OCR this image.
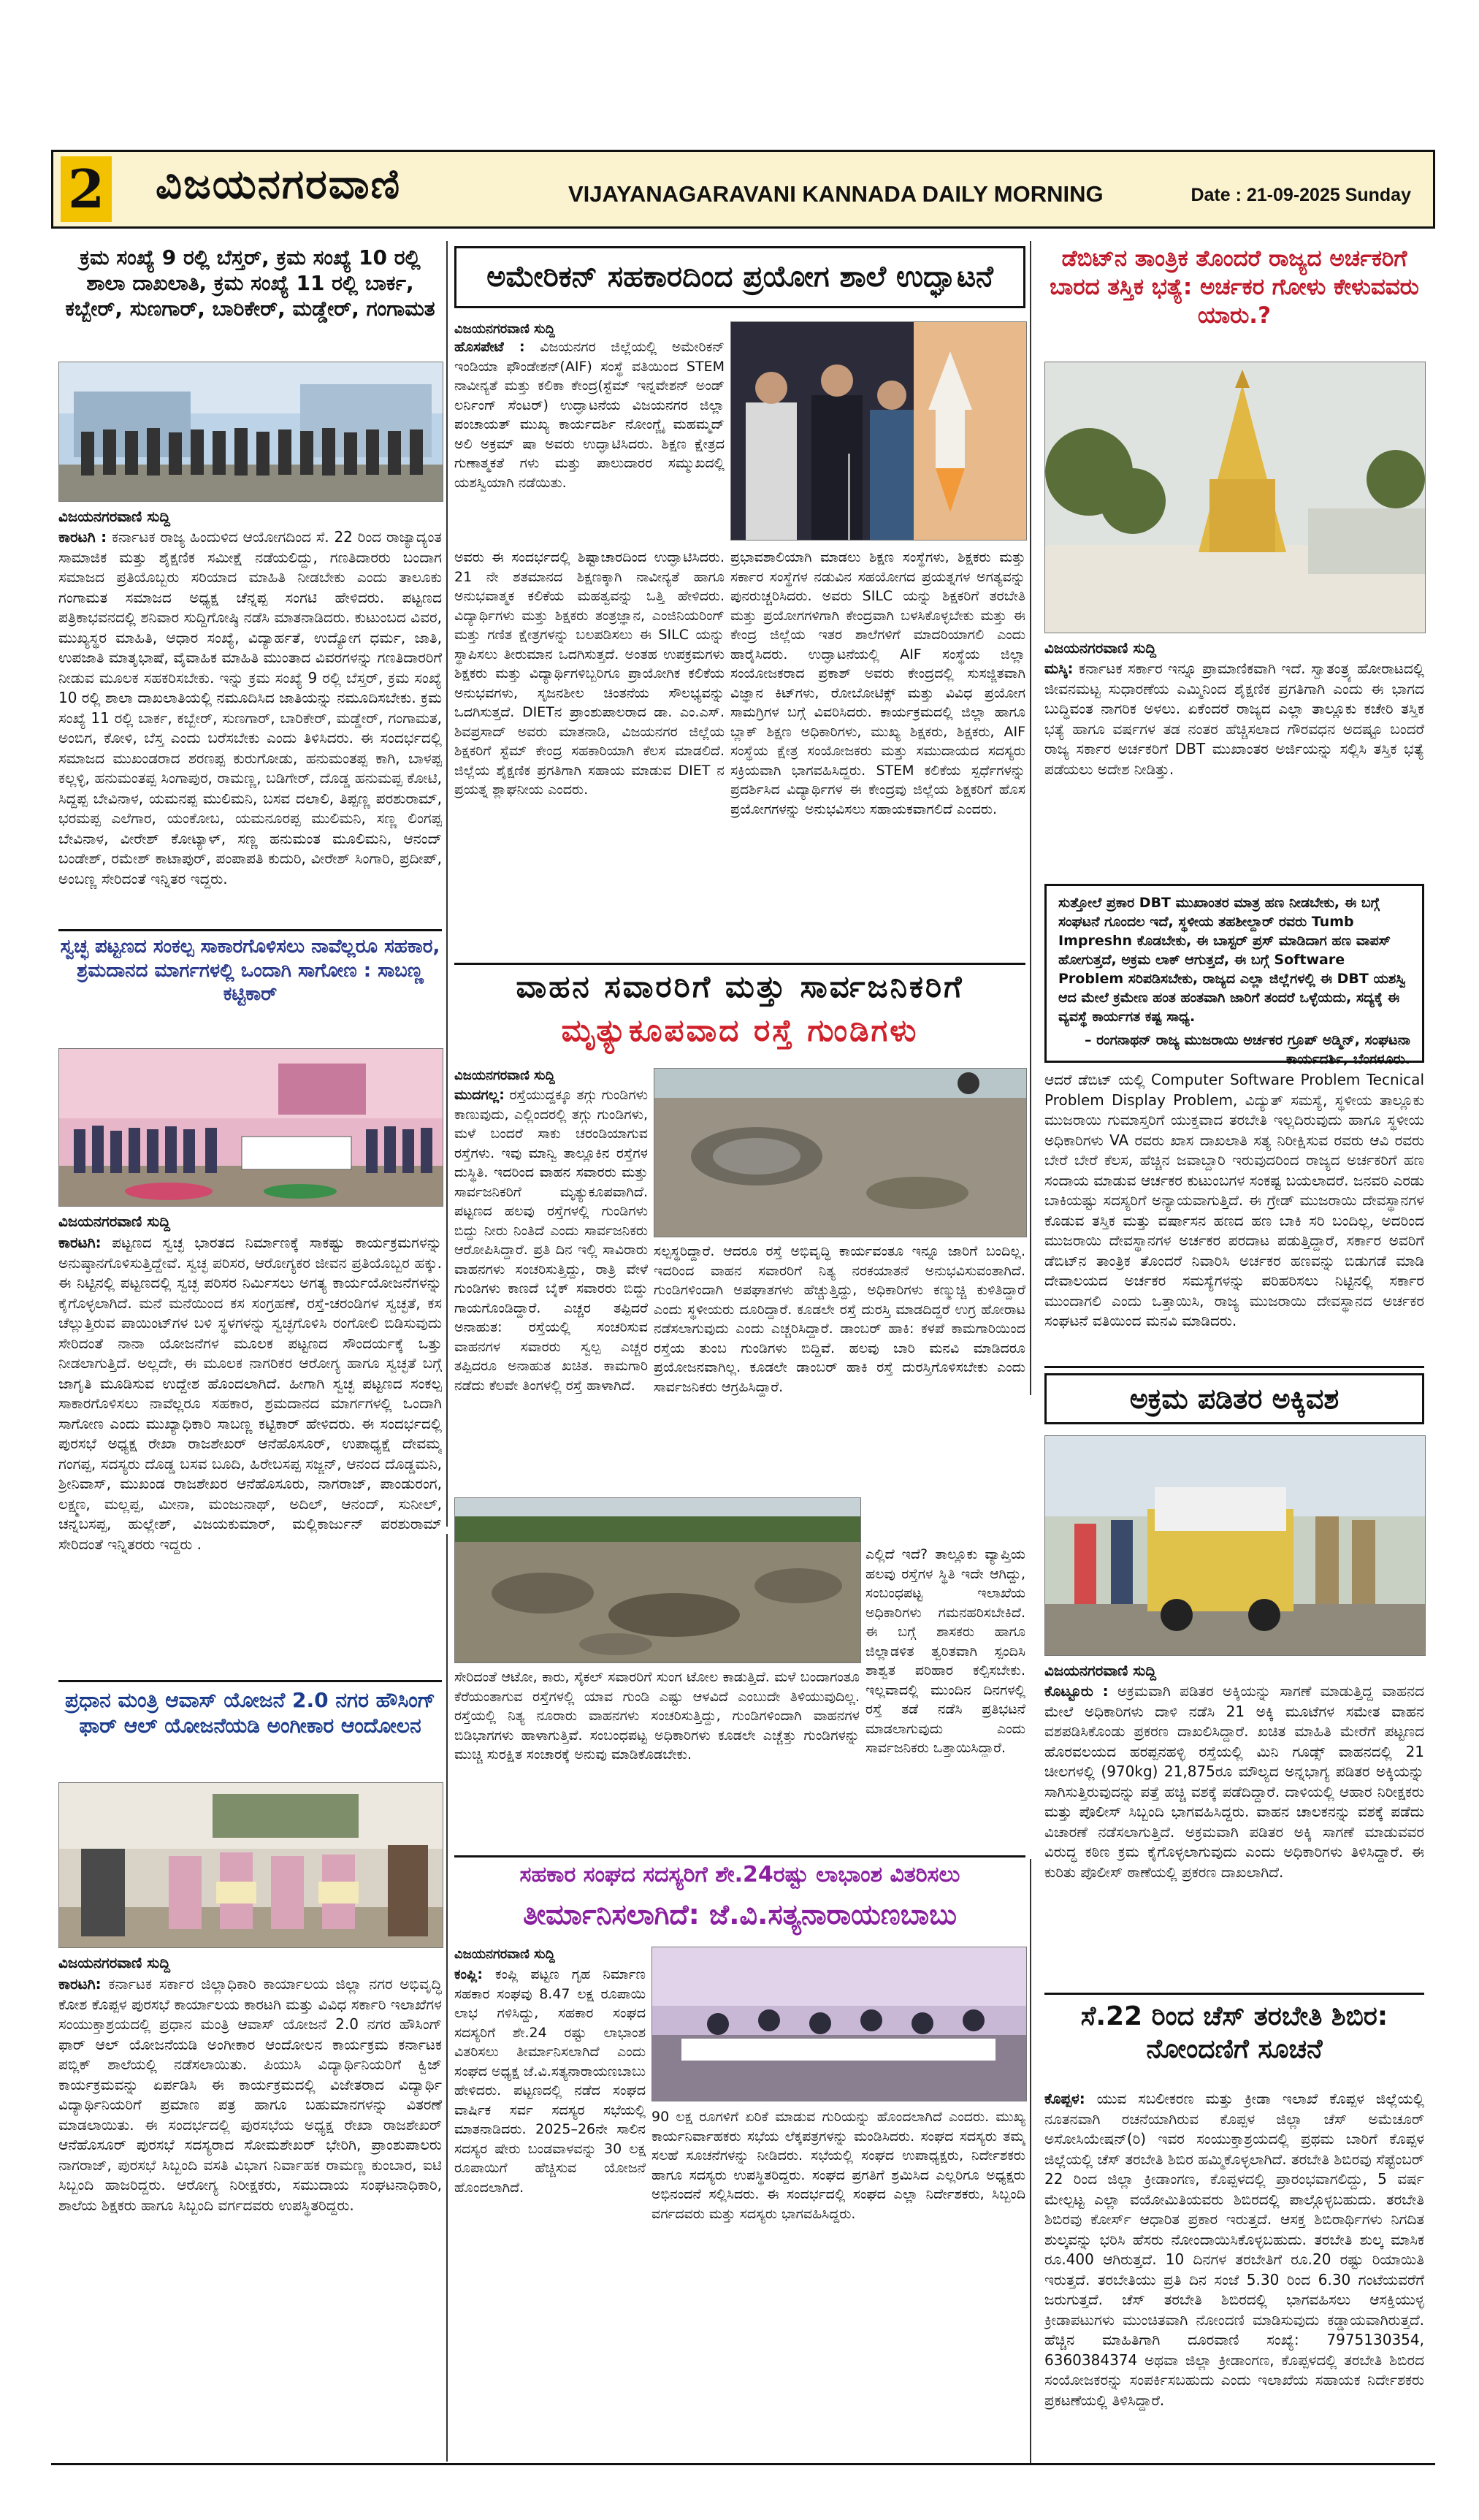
2 ವಿಜಯನಗರವಾಣಿ	VIJAYANAGARAVANI KANNADA DAILY MORNING	Date : 21-09-2025 Sunday
ಕ್ರಮ ಸಂಖ್ಯೆ 9 ರಲ್ಲಿ ಬೆಸ್ತರ್, ಕ್ರಮ ಸಂಖ್ಯೆ 10 ರಲ್ಲಿ ಶಾಲಾ ದಾಖಲಾತಿ, ಕ್ರಮ ಸಂಖ್ಯೆ 11 ರಲ್ಲಿ ಬಾರ್ಕ, ಕಬ್ಬೇರ್, ಸುಣಗಾರ್, ಬಾರಿಕೇರ್, ಮಡ್ಡೇರ್, ಗಂಗಾಮತ
ವಿಜಯನಗರವಾಣಿ ಸುದ್ದಿ
ಕಾರಟಗಿ : ಕರ್ನಾಟಕ ರಾಜ್ಯ ಹಿಂದುಳಿದ ಆಯೋಗದಿಂದ ಸೆ. 22 ರಿಂದ ರಾಜ್ಯಾದ್ಯಂತ ಸಾಮಾಜಿಕ ಮತ್ತು ಶೈಕ್ಷಣಿಕ ಸಮೀಕ್ಷೆ ನಡೆಯಲಿದ್ದು, ಗಣತಿದಾರರು ಬಂದಾಗ ಸಮಾಜದ ಪ್ರತಿಯೊಬ್ಬರು ಸರಿಯಾದ ಮಾಹಿತಿ ನೀಡಬೇಕು ಎಂದು ತಾಲೂಕು ಗಂಗಾಮತ ಸಮಾಜದ ಅಧ್ಯಕ್ಷ ಚೆನ್ನಪ್ಪ ಸಂಗಟಿ ಹೇಳಿದರು. ಪಟ್ಟಣದ ಪತ್ರಿಕಾಭವನದಲ್ಲಿ ಶನಿವಾರ ಸುದ್ದಿಗೋಷ್ಠಿ ನಡೆಸಿ ಮಾತನಾಡಿದರು. ಕುಟುಂಬದ ವಿವರ, ಮುಖ್ಯಸ್ಥರ ಮಾಹಿತಿ, ಆಧಾರ ಸಂಖ್ಯೆ, ವಿದ್ಯಾರ್ಹತೆ, ಉದ್ಯೋಗ ಧರ್ಮ, ಜಾತಿ, ಉಪಜಾತಿ ಮಾತೃಭಾಷೆ, ವೈವಾಹಿಕ ಮಾಹಿತಿ ಮುಂತಾದ ವಿವರಗಳನ್ನು ಗಣತಿದಾರರಿಗೆ ನೀಡುವ ಮೂಲಕ ಸಹಕರಿಸಬೇಕು. ಇನ್ನು ಕ್ರಮ ಸಂಖ್ಯೆ 9 ರಲ್ಲಿ ಬೆಸ್ತರ್, ಕ್ರಮ ಸಂಖ್ಯೆ 10 ರಲ್ಲಿ ಶಾಲಾ ದಾಖಲಾತಿಯಲ್ಲಿ ನಮೂದಿಸಿದ ಜಾತಿಯನ್ನು ನಮೂದಿಸಬೇಕು. ಕ್ರಮ ಸಂಖ್ಯೆ 11 ರಲ್ಲಿ ಬಾರ್ಕ, ಕಬ್ಬೇರ್, ಸುಣಗಾರ್, ಬಾರಿಕೇರ್, ಮಡ್ಡೇರ್, ಗಂಗಾಮತ, ಅಂಬಿಗ, ಕೋಳಿ, ಬೆಸ್ತ ಎಂದು ಬರೆಸಬೇಕು ಎಂದು ತಿಳಿಸಿದರು. ಈ ಸಂದರ್ಭದಲ್ಲಿ ಸಮಾಜದ ಮುಖಂಡರಾದ ಶರಣಪ್ಪ ಕುರುಗೋಡು, ಹನುಮಂತಪ್ಪ ಕಾಗಿ, ಬಾಳಪ್ಪ ಕಲ್ಲಳ್ಳಿ, ಹನುಮಂತಪ್ಪ ಸಿಂಗಾಪುರ, ರಾಮಣ್ಣ, ಬಡಿಗೇರ್, ದೊಡ್ಡ ಹನುಮಪ್ಪ ಕೋಟಿ, ಸಿದ್ದಪ್ಪ ಬೇವಿನಾಳ, ಯಮನಪ್ಪ ಮುಲಿಮನಿ, ಬಸವ ದಲಾಲಿ, ತಿಪ್ಪಣ್ಣ ಪರಶುರಾಮ್, ಭರಮಪ್ಪ ಎಲೆಗಾರ, ಯಂಕೋಬ, ಯಮನೂರಪ್ಪ ಮುಲಿಮನಿ, ಸಣ್ಣ ಲಿಂಗಪ್ಪ ಬೇವಿನಾಳ, ವೀರೇಶ್ ಕೋಟ್ಯಾಳ್, ಸಣ್ಣ ಹನುಮಂತ ಮೂಲಿಮನಿ, ಆನಂದ್ ಬಂಡೇಶ್, ರಮೇಶ್ ಕಾಟಾಪುರ್, ಪಂಪಾಪತಿ ಕುದುರಿ, ವೀರೇಶ್ ಸಿಂಗಾರಿ, ಪ್ರದೀಪ್, ಅಂಬಣ್ಣ ಸೇರಿದಂತೆ ಇನ್ನಿತರ ಇದ್ದರು.
ಸ್ವಚ್ಛ ಪಟ್ಟಣದ ಸಂಕಲ್ಪ ಸಾಕಾರಗೊಳಿಸಲು ನಾವೆಲ್ಲರೂ ಸಹಕಾರ, ಶ್ರಮದಾನದ ಮಾರ್ಗಗಳಲ್ಲಿ ಒಂದಾಗಿ ಸಾಗೋಣ : ಸಾಬಣ್ಣ ಕಟ್ಟಿಕಾರ್
ವಿಜಯನಗರವಾಣಿ ಸುದ್ದಿ
ಕಾರಟಗಿ: ಪಟ್ಟಣದ ಸ್ವಚ್ಛ ಭಾರತದ ನಿರ್ಮಾಣಕ್ಕೆ ಸಾಕಷ್ಟು ಕಾರ್ಯಕ್ರಮಗಳನ್ನು ಅನುಷ್ಠಾನಗೊಳಿಸುತ್ತಿದ್ದೇವೆ. ಸ್ವಚ್ಛ ಪರಿಸರ, ಆರೋಗ್ಯಕರ ಜೀವನ ಪ್ರತಿಯೊಬ್ಬರ ಹಕ್ಕು. ಈ ನಿಟ್ಟಿನಲ್ಲಿ ಪಟ್ಟಣದಲ್ಲಿ ಸ್ವಚ್ಛ ಪರಿಸರ ನಿರ್ಮಿಸಲು ಅಗತ್ಯ ಕಾರ್ಯಯೋಜನೆಗಳನ್ನು ಕೈಗೊಳ್ಳಲಾಗಿದೆ. ಮನೆ ಮನೆಯಿಂದ ಕಸ ಸಂಗ್ರಹಣೆ, ರಸ್ತೆ-ಚರಂಡಿಗಳ ಸ್ವಚ್ಛತೆ, ಕಸ ಚೆಲ್ಲುತ್ತಿರುವ ಪಾಯಿಂಟ್‌ಗಳ ಬಳಿ ಸ್ಥಳಗಳನ್ನು ಸ್ವಚ್ಛಗೊಳಿಸಿ ರಂಗೋಲಿ ಬಿಡಿಸುವುದು ಸೇರಿದಂತೆ ನಾನಾ ಯೋಜನೆಗಳ ಮೂಲಕ ಪಟ್ಟಣದ ಸೌಂದರ್ಯಕ್ಕೆ ಒತ್ತು ನೀಡಲಾಗುತ್ತಿದೆ. ಅಲ್ಲದೇ, ಈ ಮೂಲಕ ನಾಗರಿಕರ ಆರೋಗ್ಯ ಹಾಗೂ ಸ್ವಚ್ಛತೆ ಬಗ್ಗೆ ಜಾಗೃತಿ ಮೂಡಿಸುವ ಉದ್ದೇಶ ಹೊಂದಲಾಗಿದೆ. ಹೀಗಾಗಿ ಸ್ವಚ್ಛ ಪಟ್ಟಣದ ಸಂಕಲ್ಪ ಸಾಕಾರಗೊಳಿಸಲು ನಾವೆಲ್ಲರೂ ಸಹಕಾರ, ಶ್ರಮದಾನದ ಮಾರ್ಗಗಳಲ್ಲಿ ಒಂದಾಗಿ ಸಾಗೋಣ ಎಂದು ಮುಖ್ಯಾಧಿಕಾರಿ ಸಾಬಣ್ಣ ಕಟ್ಟಿಕಾರ್ ಹೇಳಿದರು. ಈ ಸಂದರ್ಭದಲ್ಲಿ ಪುರಸಭೆ ಅಧ್ಯಕ್ಷ ರೇಖಾ ರಾಜಶೇಖರ್ ಆನೆಹೊಸೂರ್, ಉಪಾಧ್ಯಕ್ಷೆ ದೇವಮ್ಮ ಗಂಗಪ್ಪ, ಸದಸ್ಯರು ದೊಡ್ಡ ಬಸವ ಬೂದಿ, ಹಿರೇಬಸಪ್ಪ ಸಜ್ಜನ್, ಆನಂದ ದೊಡ್ಡಮನಿ, ಶ್ರೀನಿವಾಸ್, ಮುಖಂಡ ರಾಜಶೇಖರ ಆನೆಹೊಸೂರು, ನಾಗರಾಜ್, ಪಾಂಡುರಂಗ, ಲಕ್ಷ್ಮಣ, ಮಲ್ಲಪ್ಪ, ಮೀನಾ, ಮಂಜುನಾಥ್, ಅದಿಲ್, ಆನಂದ್, ಸುನೀಲ್, ಚನ್ನಬಸಪ್ಪ, ಹುಲ್ಲೇಶ್, ವಿಜಯಕುಮಾರ್, ಮಲ್ಲಿಕಾರ್ಜುನ್ ಪರಶುರಾಮ್ ಸೇರಿದಂತೆ ಇನ್ನಿತರರು ಇದ್ದರು .
ಪ್ರಧಾನ ಮಂತ್ರಿ ಆವಾಸ್ ಯೋಜನೆ 2.0 ನಗರ ಹೌಸಿಂಗ್ ಫಾರ್ ಆಲ್ ಯೋಜನೆಯಡಿ ಅಂಗೀಕಾರ ಆಂದೋಲನ
ವಿಜಯನಗರವಾಣಿ ಸುದ್ದಿ
ಕಾರಟಗಿ: ಕರ್ನಾಟಕ ಸರ್ಕಾರ ಜಿಲ್ಲಾಧಿಕಾರಿ ಕಾರ್ಯಾಲಯ ಜಿಲ್ಲಾ ನಗರ ಅಭಿವೃದ್ಧಿ ಕೋಶ ಕೊಪ್ಪಳ ಪುರಸಭೆ ಕಾರ್ಯಾಲಯ ಕಾರಟಗಿ ಮತ್ತು ವಿವಿಧ ಸರ್ಕಾರಿ ಇಲಾಖೆಗಳ ಸಂಯುಕ್ತಾಶ್ರಯದಲ್ಲಿ ಪ್ರಧಾನ ಮಂತ್ರಿ ಆವಾಸ್ ಯೋಜನೆ 2.0 ನಗರ ಹೌಸಿಂಗ್ ಫಾರ್ ಆಲ್ ಯೋಜನೆಯಡಿ ಅಂಗೀಕಾರ ಆಂದೋಲನ ಕಾರ್ಯಕ್ರಮ ಕರ್ನಾಟಕ ಪಬ್ಲಿಕ್ ಶಾಲೆಯಲ್ಲಿ ನಡೆಸಲಾಯಿತು. ಪಿಯುಸಿ ವಿದ್ಯಾರ್ಥಿನಿಯರಿಗೆ ಕ್ವಿಜ್ ಕಾರ್ಯಕ್ರಮವನ್ನು ಏರ್ಪಡಿಸಿ ಈ ಕಾರ್ಯಕ್ರಮದಲ್ಲಿ ವಿಜೇತರಾದ ವಿದ್ಯಾರ್ಥಿ ವಿದ್ಯಾರ್ಥಿನಿಯರಿಗೆ ಪ್ರಮಾಣ ಪತ್ರ ಹಾಗೂ ಬಹುಮಾನಗಳನ್ನು ವಿತರಣೆ ಮಾಡಲಾಯಿತು. ಈ ಸಂದರ್ಭದಲ್ಲಿ ಪುರಸಭೆಯ ಅಧ್ಯಕ್ಷ ರೇಖಾ ರಾಜಶೇಖರ್ ಆನೆಹೊಸೂರ್ ಪುರಸಭೆ ಸದಸ್ಯರಾದ ಸೋಮಶೇಖರ್ ಭೇರಿಗಿ, ಪ್ರಾಂಶುಪಾಲರು ನಾಗರಾಜ್, ಪುರಸಭೆ ಸಿಬ್ಬಂದಿ ವಸತಿ ವಿಭಾಗ ನಿರ್ವಾಹಕ ರಾಮಣ್ಣ ಕುಂಬಾರ, ಐಟಿ ಸಿಬ್ಬಂದಿ ಹಾಜರಿದ್ದರು. ಆರೋಗ್ಯ ನಿರೀಕ್ಷಕರು, ಸಮುದಾಯ ಸಂಘಟನಾಧಿಕಾರಿ, ಶಾಲೆಯ ಶಿಕ್ಷಕರು ಹಾಗೂ ಸಿಬ್ಬಂದಿ ವರ್ಗದವರು ಉಪಸ್ಥಿತರಿದ್ದರು.
ಅಮೇರಿಕನ್ ಸಹಕಾರದಿಂದ ಪ್ರಯೋಗ ಶಾಲೆ ಉದ್ಘಾಟನೆ
ವಿಜಯನಗರವಾಣಿ ಸುದ್ದಿ
ಹೊಸಪೇಟೆ : ವಿಜಯನಗರ ಜಿಲ್ಲೆಯಲ್ಲಿ ಅಮೇರಿಕನ್ ಇಂಡಿಯಾ ಫೌಂಡೇಶನ್(AIF) ಸಂಸ್ಥೆ ವತಿಯಿಂದ STEM ನಾವೀನ್ಯತೆ ಮತ್ತು ಕಲಿಕಾ ಕೇಂದ್ರ(ಸ್ಟೆಮ್ ಇನ್ನವೇಶನ್ ಅಂಡ್ ಲರ್ನಿಂಗ್ ಸೆಂಟರ್) ಉದ್ಘಾಟನೆಯ ವಿಜಯನಗರ ಜಿಲ್ಲಾ ಪಂಚಾಯತ್ ಮುಖ್ಯ ಕಾರ್ಯದರ್ಶಿ ನೋಂಗ್ಜೈ ಮಹಮ್ಮದ್ ಅಲಿ ಅಕ್ರಮ್ ಷಾ ಅವರು ಉದ್ಘಾಟಿಸಿದರು. ಶಿಕ್ಷಣ ಕ್ಷೇತ್ರದ ಗುಣಾತ್ಮಕತೆ ಗಳು ಮತ್ತು ಪಾಲುದಾರರ ಸಮ್ಮುಖದಲ್ಲಿ ಯಶಸ್ವಿಯಾಗಿ ನಡೆಯಿತು.
ಅವರು ಈ ಸಂದರ್ಭದಲ್ಲಿ ಶಿಷ್ಟಾಚಾರದಿಂದ ಉದ್ಘಾಟಿಸಿದರು. 21 ನೇ ಶತಮಾನದ ಶಿಕ್ಷಣಕ್ಕಾಗಿ ನಾವೀನ್ಯತೆ ಹಾಗೂ ಅನುಭವಾತ್ಮಕ ಕಲಿಕೆಯ ಮಹತ್ವವನ್ನು ಒತ್ತಿ ಹೇಳಿದರು. ವಿದ್ಯಾರ್ಥಿಗಳು ಮತ್ತು ಶಿಕ್ಷಕರು ತಂತ್ರಜ್ಞಾನ, ಎಂಜಿನಿಯರಿಂಗ್ ಮತ್ತು ಗಣಿತ ಕ್ಷೇತ್ರಗಳನ್ನು ಬಲಪಡಿಸಲು ಈ SILC ಯನ್ನು ಸ್ಥಾಪಿಸಲು ತೀರುಮಾನ ಒದಗಿಸುತ್ತದೆ. ಅಂತಹ ಉಪಕ್ರಮಗಳು ಶಿಕ್ಷಕರು ಮತ್ತು ವಿದ್ಯಾರ್ಥಿಗಳಿಬ್ಬರಿಗೂ ಪ್ರಾಯೋಗಿಕ ಕಲಿಕೆಯ ಅನುಭವಗಳು, ಸೃಜನಶೀಲ ಚಿಂತನೆಯ ಸೌಲಭ್ಯವನ್ನು ಒದಗಿಸುತ್ತದೆ. DIETನ ಪ್ರಾಂಶುಪಾಲರಾದ ಡಾ. ಎಂ.ಎಸ್. ಶಿವಪ್ರಸಾದ್ ಅವರು ಮಾತನಾಡಿ, ವಿಜಯನಗರ ಜಿಲ್ಲೆಯ ಶಿಕ್ಷಕರಿಗೆ ಸ್ಟೆಮ್ ಕೇಂದ್ರ ಸಹಕಾರಿಯಾಗಿ ಕೆಲಸ ಮಾಡಲಿದೆ. ಜಿಲ್ಲೆಯ ಶೈಕ್ಷಣಿಕ ಪ್ರಗತಿಗಾಗಿ ಸಹಾಯ ಮಾಡುವ DIET ನ ಪ್ರಯತ್ನ ಶ್ಲಾಘನೀಯ ಎಂದರು.
ಪ್ರಭಾವಶಾಲಿಯಾಗಿ ಮಾಡಲು ಶಿಕ್ಷಣ ಸಂಸ್ಥೆಗಳು, ಶಿಕ್ಷಕರು ಮತ್ತು ಸರ್ಕಾರ ಸಂಸ್ಥೆಗಳ ನಡುವಿನ ಸಹಯೋಗದ ಪ್ರಯತ್ನಗಳ ಅಗತ್ಯವನ್ನು ಪುನರುಚ್ಚರಿಸಿದರು. ಅವರು SILC ಯನ್ನು ಶಿಕ್ಷಕರಿಗೆ ತರಬೇತಿ ಮತ್ತು ಪ್ರಯೋಗಗಳಿಗಾಗಿ ಕೇಂದ್ರವಾಗಿ ಬಳಸಿಕೊಳ್ಳಬೇಕು ಮತ್ತು ಈ ಕೇಂದ್ರ ಜಿಲ್ಲೆಯ ಇತರ ಶಾಲೆಗಳಿಗೆ ಮಾದರಿಯಾಗಲಿ ಎಂದು ಹಾರೈಸಿದರು. ಉದ್ಘಾಟನೆಯಲ್ಲಿ AIF ಸಂಸ್ಥೆಯ ಜಿಲ್ಲಾ ಸಂಯೋಜಕರಾದ ಪ್ರಕಾಶ್ ಅವರು ಕೇಂದ್ರದಲ್ಲಿ ಸುಸಜ್ಜಿತವಾಗಿ ವಿಜ್ಞಾನ ಕಿಟ್‌ಗಳು, ರೋಬೋಟಿಕ್ಸ್ ಮತ್ತು ವಿವಿಧ ಪ್ರಯೋಗ ಸಾಮಗ್ರಿಗಳ ಬಗ್ಗೆ ವಿವರಿಸಿದರು. ಕಾರ್ಯಕ್ರಮದಲ್ಲಿ ಜಿಲ್ಲಾ ಹಾಗೂ ಬ್ಲಾಕ್ ಶಿಕ್ಷಣ ಅಧಿಕಾರಿಗಳು, ಮುಖ್ಯ ಶಿಕ್ಷಕರು, ಶಿಕ್ಷಕರು, AIF ಸಂಸ್ಥೆಯ ಕ್ಷೇತ್ರ ಸಂಯೋಜಕರು ಮತ್ತು ಸಮುದಾಯದ ಸದಸ್ಯರು ಸಕ್ರಿಯವಾಗಿ ಭಾಗವಹಿಸಿದ್ದರು. STEM ಕಲಿಕೆಯ ಸ್ಪರ್ಧೆಗಳನ್ನು ಪ್ರದರ್ಶಿಸಿದ ವಿದ್ಯಾರ್ಥಿಗಳ ಈ ಕೇಂದ್ರವು ಜಿಲ್ಲೆಯ ಶಿಕ್ಷಕರಿಗೆ ಹೊಸ ಪ್ರಯೋಗಗಳನ್ನು ಅನುಭವಿಸಲು ಸಹಾಯಕವಾಗಲಿದೆ ಎಂದರು.
ವಾಹನ ಸವಾರರಿಗೆ ಮತ್ತು ಸಾರ್ವಜನಿಕರಿಗೆ
ಮೃತ್ಯುಕೂಪವಾದ ರಸ್ತೆ ಗುಂಡಿಗಳು
ವಿಜಯನಗರವಾಣಿ ಸುದ್ದಿ
ಮುದಗಲ್ಲ: ರಸ್ತೆಯುದ್ದಕ್ಕೂ ತಗ್ಗು ಗುಂಡಿಗಳು ಕಾಣುವುದು, ಎಲ್ಲಿಂದರಲ್ಲಿ ತಗ್ಗು ಗುಂಡಿಗಳು, ಮಳೆ ಬಂದರೆ ಸಾಕು ಚರಂಡಿಯಾಗುವ ರಸ್ತೆಗಳು. ಇವು ಮಾನ್ವಿ ತಾಲ್ಲೂಕಿನ ರಸ್ತೆಗಳ ದುಸ್ಥಿತಿ. ಇದರಿಂದ ವಾಹನ ಸವಾರರು ಮತ್ತು ಸಾರ್ವಜನಿಕರಿಗೆ ಮೃತ್ಯುಕೂಪವಾಗಿದೆ. ಪಟ್ಟಣದ ಹಲವು ರಸ್ತೆಗಳಲ್ಲಿ ಗುಂಡಿಗಳು ಬಿದ್ದು ನೀರು ನಿಂತಿದೆ ಎಂದು ಸಾರ್ವಜನಿಕರು ಆರೋಪಿಸಿದ್ದಾರೆ. ಪ್ರತಿ ದಿನ ಇಲ್ಲಿ ಸಾವಿರಾರು ವಾಹನಗಳು ಸಂಚರಿಸುತ್ತಿದ್ದು, ರಾತ್ರಿ ವೇಳೆ ಗುಂಡಿಗಳು ಕಾಣದೆ ಬೈಕ್ ಸವಾರರು ಬಿದ್ದು ಗಾಯಗೊಂಡಿದ್ದಾರೆ. ಎಚ್ಚರ ತಪ್ಪಿದರೆ ಅನಾಹುತ: ರಸ್ತೆಯಲ್ಲಿ ಸಂಚರಿಸುವ ವಾಹನಗಳ ಸವಾರರು ಸ್ವಲ್ಪ ಎಚ್ಚರ ತಪ್ಪಿದರೂ ಅನಾಹುತ ಖಚಿತ. ಕಾಮಗಾರಿ ನಡೆದು ಕೆಲವೇ ತಿಂಗಳಲ್ಲಿ ರಸ್ತೆ ಹಾಳಾಗಿದೆ.
ಸಲ್ಪಸ್ಥರಿದ್ದಾರೆ. ಆದರೂ ರಸ್ತೆ ಅಭಿವೃದ್ಧಿ ಕಾರ್ಯವಂತೂ ಇನ್ನೂ ಜಾರಿಗೆ ಬಂದಿಲ್ಲ. ಇದರಿಂದ ವಾಹನ ಸವಾರರಿಗೆ ನಿತ್ಯ ನರಕಯಾತನೆ ಅನುಭವಿಸುವಂತಾಗಿದೆ. ಗುಂಡಿಗಳಿಂದಾಗಿ ಅಪಘಾತಗಳು ಹೆಚ್ಚುತ್ತಿದ್ದು, ಅಧಿಕಾರಿಗಳು ಕಣ್ಮುಚ್ಚಿ ಕುಳಿತಿದ್ದಾರೆ ಎಂದು ಸ್ಥಳೀಯರು ದೂರಿದ್ದಾರೆ. ಕೂಡಲೇ ರಸ್ತೆ ದುರಸ್ತಿ ಮಾಡದಿದ್ದರೆ ಉಗ್ರ ಹೋರಾಟ ನಡೆಸಲಾಗುವುದು ಎಂದು ಎಚ್ಚರಿಸಿದ್ದಾರೆ. ಡಾಂಬರ್ ಹಾಕಿ: ಕಳಪೆ ಕಾಮಗಾರಿಯಿಂದ ರಸ್ತೆಯ ತುಂಬ ಗುಂಡಿಗಳು ಬಿದ್ದಿವೆ. ಹಲವು ಬಾರಿ ಮನವಿ ಮಾಡಿದರೂ ಪ್ರಯೋಜನವಾಗಿಲ್ಲ. ಕೂಡಲೇ ಡಾಂಬರ್ ಹಾಕಿ ರಸ್ತೆ ದುರಸ್ತಿಗೊಳಿಸಬೇಕು ಎಂದು ಸಾರ್ವಜನಿಕರು ಆಗ್ರಹಿಸಿದ್ದಾರೆ.
ಎಲ್ಲಿದೆ ಇದೆ? ತಾಲ್ಲೂಕು ವ್ಯಾಪ್ತಿಯ ಹಲವು ರಸ್ತೆಗಳ ಸ್ಥಿತಿ ಇದೇ ಆಗಿದ್ದು, ಸಂಬಂಧಪಟ್ಟ ಇಲಾಖೆಯ ಅಧಿಕಾರಿಗಳು ಗಮನಹರಿಸಬೇಕಿದೆ. ಈ ಬಗ್ಗೆ ಶಾಸಕರು ಹಾಗೂ ಜಿಲ್ಲಾಡಳಿತ ತ್ವರಿತವಾಗಿ ಸ್ಪಂದಿಸಿ ಶಾಶ್ವತ ಪರಿಹಾರ ಕಲ್ಪಿಸಬೇಕು. ಇಲ್ಲವಾದಲ್ಲಿ ಮುಂದಿನ ದಿನಗಳಲ್ಲಿ ರಸ್ತೆ ತಡೆ ನಡೆಸಿ ಪ್ರತಿಭಟನೆ ಮಾಡಲಾಗುವುದು ಎಂದು ಸಾರ್ವಜನಿಕರು ಒತ್ತಾಯಿಸಿದ್ದಾರೆ.
ಸೇರಿದಂತೆ ಆಟೋ, ಕಾರು, ಸೈಕಲ್ ಸವಾರರಿಗೆ ಸುಂಗ ಟೋಲ ಕಾಡುತ್ತಿದೆ. ಮಳೆ ಬಂದಾಗಂತೂ ಕೆರೆಯಂತಾಗುವ ರಸ್ತೆಗಳಲ್ಲಿ ಯಾವ ಗುಂಡಿ ಎಷ್ಟು ಆಳವಿದೆ ಎಂಬುದೇ ತಿಳಿಯುವುದಿಲ್ಲ. ರಸ್ತೆಯಲ್ಲಿ ನಿತ್ಯ ನೂರಾರು ವಾಹನಗಳು ಸಂಚರಿಸುತ್ತಿದ್ದು, ಗುಂಡಿಗಳಿಂದಾಗಿ ವಾಹನಗಳ ಬಿಡಿಭಾಗಗಳು ಹಾಳಾಗುತ್ತಿವೆ. ಸಂಬಂಧಪಟ್ಟ ಅಧಿಕಾರಿಗಳು ಕೂಡಲೇ ಎಚ್ಚೆತ್ತು ಗುಂಡಿಗಳನ್ನು ಮುಚ್ಚಿ ಸುರಕ್ಷಿತ ಸಂಚಾರಕ್ಕೆ ಅನುವು ಮಾಡಿಕೊಡಬೇಕು.
ಸಹಕಾರ ಸಂಘದ ಸದಸ್ಯರಿಗೆ ಶೇ.24ರಷ್ಟು ಲಾಭಾಂಶ ವಿತರಿಸಲು
ತೀರ್ಮಾನಿಸಲಾಗಿದೆ: ಜೆ.ವಿ.ಸತ್ಯನಾರಾಯಣಬಾಬು
ವಿಜಯನಗರವಾಣಿ ಸುದ್ದಿ
ಕಂಪ್ಲಿ: ಕಂಪ್ಲಿ ಪಟ್ಟಣ ಗೃಹ ನಿರ್ಮಾಣ ಸಹಕಾರ ಸಂಘವು 8.47 ಲಕ್ಷ ರೂಪಾಯಿ ಲಾಭ ಗಳಿಸಿದ್ದು, ಸಹಕಾರ ಸಂಘದ ಸದಸ್ಯರಿಗೆ ಶೇ.24 ರಷ್ಟು ಲಾಭಾಂಶ ವಿತರಿಸಲು ತೀರ್ಮಾನಿಸಲಾಗಿದೆ ಎಂದು ಸಂಘದ ಅಧ್ಯಕ್ಷ ಜೆ.ವಿ.ಸತ್ಯನಾರಾಯಣಬಾಬು ಹೇಳಿದರು. ಪಟ್ಟಣದಲ್ಲಿ ನಡೆದ ಸಂಘದ ವಾರ್ಷಿಕ ಸರ್ವ ಸದಸ್ಯರ ಸಭೆಯಲ್ಲಿ ಮಾತನಾಡಿದರು. 2025–26ನೇ ಸಾಲಿನ ಸದಸ್ಯರ ಷೇರು ಬಂಡವಾಳವನ್ನು 30 ಲಕ್ಷ ರೂಪಾಯಿಗೆ ಹೆಚ್ಚಿಸುವ ಯೋಜನೆ ಹೊಂದಲಾಗಿದೆ.
90 ಲಕ್ಷ ರೂಗಳಿಗೆ ಏರಿಕೆ ಮಾಡುವ ಗುರಿಯನ್ನು ಹೊಂದಲಾಗಿದೆ ಎಂದರು. ಮುಖ್ಯ ಕಾರ್ಯನಿರ್ವಾಹಕರು ಸಭೆಯ ಲೆಕ್ಕಪತ್ರಗಳನ್ನು ಮಂಡಿಸಿದರು. ಸಂಘದ ಸದಸ್ಯರು ತಮ್ಮ ಸಲಹೆ ಸೂಚನೆಗಳನ್ನು ನೀಡಿದರು. ಸಭೆಯಲ್ಲಿ ಸಂಘದ ಉಪಾಧ್ಯಕ್ಷರು, ನಿರ್ದೇಶಕರು ಹಾಗೂ ಸದಸ್ಯರು ಉಪಸ್ಥಿತರಿದ್ದರು. ಸಂಘದ ಪ್ರಗತಿಗೆ ಶ್ರಮಿಸಿದ ಎಲ್ಲರಿಗೂ ಅಧ್ಯಕ್ಷರು ಅಭಿನಂದನೆ ಸಲ್ಲಿಸಿದರು. ಈ ಸಂದರ್ಭದಲ್ಲಿ ಸಂಘದ ಎಲ್ಲಾ ನಿರ್ದೇಶಕರು, ಸಿಬ್ಬಂದಿ ವರ್ಗದವರು ಮತ್ತು ಸದಸ್ಯರು ಭಾಗವಹಿಸಿದ್ದರು.
ಡೆಬಿಟ್‌ನ ತಾಂತ್ರಿಕ ತೊಂದರೆ ರಾಜ್ಯದ ಅರ್ಚಕರಿಗೆ ಬಾರದ ತಸ್ತಿಕ ಭತ್ಯೆ: ಅರ್ಚಕರ ಗೋಳು ಕೇಳುವವರು ಯಾರು.?
ವಿಜಯನಗರವಾಣಿ ಸುದ್ದಿ
ಮಸ್ಕಿ: ಕರ್ನಾಟಕ ಸರ್ಕಾರ ಇನ್ನೂ ಪ್ರಾಮಾಣಿಕವಾಗಿ ಇದೆ. ಸ್ವಾತಂತ್ರ್ಯ ಹೋರಾಟದಲ್ಲಿ ಜೀವನಮಟ್ಟ ಸುಧಾರಣೆಯ ಎಮ್ಮಿನಿಂದ ಶೈಕ್ಷಣಿಕ ಪ್ರಗತಿಗಾಗಿ ಎಂದು ಈ ಭಾಗದ ಬುದ್ಧಿವಂತ ನಾಗರಿಕ ಅಳಲು. ಏಕೆಂದರೆ ರಾಜ್ಯದ ಎಲ್ಲಾ ತಾಲ್ಲೂಕು ಕಚೇರಿ ತಸ್ತಿಕ ಭತ್ಯೆ ಹಾಗೂ ವರ್ಷಗಳ ತಡ ನಂತರ ಹೆಚ್ಚಿಸಲಾದ ಗೌರವಧನ ಅದಷ್ಟೂ ಬಂದರೆ ರಾಜ್ಯ ಸರ್ಕಾರ ಅರ್ಚಕರಿಗೆ DBT ಮುಖಾಂತರ ಅರ್ಜಿಯನ್ನು ಸಲ್ಲಿಸಿ ತಸ್ತಿಕ ಭತ್ಯೆ ಪಡೆಯಲು ಅದೇಶ ನೀಡಿತ್ತು.
ಸುತ್ತೋಲೆ ಪ್ರಕಾರ DBT ಮುಖಾಂತರ ಮಾತ್ರ ಹಣ ನೀಡಬೇಕು, ಈ ಬಗ್ಗೆ ಸಂಘಟನೆ ಗೂಂದಲ ಇದೆ, ಸ್ಥಳೀಯ ತಹಶೀಲ್ದಾರ್ ರವರು Tumb Impreshn ಕೊಡಬೇಕು, ಈ ಬಾಸ್ಟರ್ ಪ್ರಸ್ ಮಾಡಿದಾಗ ಹಣ ವಾಪಸ್ ಹೋಗುತ್ತದೆ, ಅಕ್ರಮ ಲಾಕ್ ಆಗುತ್ತದೆ, ಈ ಬಗ್ಗೆ Software Problem ಸರಿಪಡಿಸಬೇಕು, ರಾಜ್ಯದ ಎಲ್ಲಾ ಜಿಲ್ಲೆಗಳಲ್ಲಿ ಈ DBT ಯಶಸ್ವಿ ಆದ ಮೇಲೆ ಕ್ರಮೇಣ ಹಂತ ಹಂತವಾಗಿ ಜಾರಿಗೆ ತಂದರೆ ಒಳ್ಳೆಯದು, ಸದ್ಯಕ್ಕೆ ಈ ವ್ಯವಸ್ಥೆ ಕಾರ್ಯಗತ ಕಷ್ಟ ಸಾಧ್ಯ.
– ರಂಗನಾಥನ್ ರಾಜ್ಯ ಮುಜರಾಯಿ ಅರ್ಚಕರ ಗ್ರೂಪ್ ಅಡ್ಮಿನ್, ಸಂಘಟನಾ ಕಾರ್ಯದರ್ಶಿ, ಬೆಂಗಳೂರು.
ಆದರೆ ಡೆಬಿಟ್ ಯಲ್ಲಿ Computer Software Problem Tecnical Problem Display Problem, ವಿದ್ಯುತ್ ಸಮಸ್ಯೆ, ಸ್ಥಳೀಯ ತಾಲ್ಲೂಕು ಮುಜರಾಯಿ ಗುಮಾಸ್ತರಿಗೆ ಯುಕ್ತವಾದ ತರಬೇತಿ ಇಲ್ಲದಿರುವುದು ಹಾಗೂ ಸ್ಥಳೀಯ ಅಧಿಕಾರಿಗಳು VA ರವರು ಖಾಸ ದಾಖಲಾತಿ ಸತ್ಯ ನಿರೀಕ್ಷಿಸುವ ರವರು ಆವಿ ರವರು ಬೇರೆ ಬೇರೆ ಕೆಲಸ, ಹೆಚ್ಚಿನ ಜವಾಬ್ದಾರಿ ಇರುವುದರಿಂದ ರಾಜ್ಯದ ಅರ್ಚಕರಿಗೆ ಹಣ ಸಂದಾಯ ಮಾಡುವ ಆರ್ಚಕರ ಕುಟುಂಬಗಳ ಸಂಕಷ್ಟ ಬಯಲಾದರೆ. ಜನವರಿ ಎರಡು ಬಾಕಿಯಷ್ಟು ಸದಸ್ಯರಿಗೆ ಅನ್ಯಾಯವಾಗುತ್ತಿದೆ. ಈ ಗ್ರೇಡ್ ಮುಜರಾಯಿ ದೇವಸ್ಥಾನಗಳ ಕೊಡುವ ತಸ್ತಿಕ ಮತ್ತು ವರ್ಷಾಸನ ಹಣದ ಹಣ ಬಾಕಿ ಸರಿ ಬಂದಿಲ್ಲ, ಅದರಿಂದ ಮುಜರಾಯಿ ದೇವಸ್ಥಾನಗಳ ಅರ್ಚಕರ ಪರದಾಟ ಪಡುತ್ತಿದ್ದಾರೆ, ಸರ್ಕಾರ ಅವರಿಗೆ ಡೆಬಿಟ್‌ನ ತಾಂತ್ರಿಕ ತೊಂದರೆ ನಿವಾರಿಸಿ ಅರ್ಚಕರ ಹಣವನ್ನು ಬಿಡುಗಡೆ ಮಾಡಿ ದೇವಾಲಯದ ಅರ್ಚಕರ ಸಮಸ್ಯೆಗಳನ್ನು ಪರಿಹರಿಸಲು ನಿಟ್ಟಿನಲ್ಲಿ ಸರ್ಕಾರ ಮುಂದಾಗಲಿ ಎಂದು ಒತ್ತಾಯಿಸಿ, ರಾಜ್ಯ ಮುಜರಾಯಿ ದೇವಸ್ಥಾನದ ಅರ್ಚಕರ ಸಂಘಟನೆ ವತಿಯಿಂದ ಮನವಿ ಮಾಡಿದರು.
ಅಕ್ರಮ ಪಡಿತರ ಅಕ್ಕಿವಶ
ವಿಜಯನಗರವಾಣಿ ಸುದ್ದಿ
ಕೊಟ್ಟೂರು : ಅಕ್ರಮವಾಗಿ ಪಡಿತರ ಅಕ್ಕಿಯನ್ನು ಸಾಗಣೆ ಮಾಡುತ್ತಿದ್ದ ವಾಹನದ ಮೇಲೆ ಅಧಿಕಾರಿಗಳು ದಾಳಿ ನಡೆಸಿ 21 ಅಕ್ಕಿ ಮೂಟೆಗಳ ಸಮೇತ ವಾಹನ ವಶಪಡಿಸಿಕೊಂಡು ಪ್ರಕರಣ ದಾಖಲಿಸಿದ್ದಾರೆ. ಖಚಿತ ಮಾಹಿತಿ ಮೇರೆಗೆ ಪಟ್ಟಣದ ಹೊರವಲಯದ ಹರಪ್ಪನಹಳ್ಳಿ ರಸ್ತೆಯಲ್ಲಿ ಮಿನಿ ಗೂಡ್ಸ್ ವಾಹನದಲ್ಲಿ 21 ಚೀಲಗಳಲ್ಲಿ (970kg) 21,875ರೂ ಮೌಲ್ಯದ ಅನ್ನಭಾಗ್ಯ ಪಡಿತರ ಅಕ್ಕಿಯನ್ನು ಸಾಗಿಸುತ್ತಿರುವುದನ್ನು ಪತ್ತೆ ಹಚ್ಚಿ ವಶಕ್ಕೆ ಪಡೆದಿದ್ದಾರೆ. ದಾಳಿಯಲ್ಲಿ ಆಹಾರ ನಿರೀಕ್ಷಕರು ಮತ್ತು ಪೊಲೀಸ್ ಸಿಬ್ಬಂದಿ ಭಾಗವಹಿಸಿದ್ದರು. ವಾಹನ ಚಾಲಕನನ್ನು ವಶಕ್ಕೆ ಪಡೆದು ವಿಚಾರಣೆ ನಡೆಸಲಾಗುತ್ತಿದೆ. ಅಕ್ರಮವಾಗಿ ಪಡಿತರ ಅಕ್ಕಿ ಸಾಗಣೆ ಮಾಡುವವರ ವಿರುದ್ಧ ಕಠಿಣ ಕ್ರಮ ಕೈಗೊಳ್ಳಲಾಗುವುದು ಎಂದು ಅಧಿಕಾರಿಗಳು ತಿಳಿಸಿದ್ದಾರೆ. ಈ ಕುರಿತು ಪೊಲೀಸ್ ಠಾಣೆಯಲ್ಲಿ ಪ್ರಕರಣ ದಾಖಲಾಗಿದೆ.
ಸೆ.22 ರಿಂದ ಚೆಸ್ ತರಬೇತಿ ಶಿಬಿರ: ನೋಂದಣಿಗೆ ಸೂಚನೆ
ಕೊಪ್ಪಳ: ಯುವ ಸಬಲೀಕರಣ ಮತ್ತು ಕ್ರೀಡಾ ಇಲಾಖೆ ಕೊಪ್ಪಳ ಜಿಲ್ಲೆಯಲ್ಲಿ ನೂತನವಾಗಿ ರಚನೆಯಾಗಿರುವ ಕೊಪ್ಪಳ ಜಿಲ್ಲಾ ಚೆಸ್ ಅಮೆಚೂರ್ ಅಸೋಸಿಯೇಷನ್(ರಿ) ಇವರ ಸಂಯುಕ್ತಾಶ್ರಯದಲ್ಲಿ ಪ್ರಥಮ ಬಾರಿಗೆ ಕೊಪ್ಪಳ ಜಿಲ್ಲೆಯಲ್ಲಿ ಚೆಸ್ ತರಬೇತಿ ಶಿಬಿರ ಹಮ್ಮಿಕೊಳ್ಳಲಾಗಿದೆ. ತರಬೇತಿ ಶಿಬಿರವು ಸೆಪ್ಟೆಂಬರ್ 22 ರಿಂದ ಜಿಲ್ಲಾ ಕ್ರೀಡಾಂಗಣ, ಕೊಪ್ಪಳದಲ್ಲಿ ಪ್ರಾರಂಭವಾಗಲಿದ್ದು, 5 ವರ್ಷ ಮೇಲ್ಪಟ್ಟ ಎಲ್ಲಾ ವಯೋಮಿತಿಯವರು ಶಿಬಿರದಲ್ಲಿ ಪಾಲ್ಗೊಳ್ಳಬಹುದು. ತರಬೇತಿ ಶಿಬಿರವು ಕೋರ್ಸ್ ಆಧಾರಿತ ಪ್ರಕಾರ ಇರುತ್ತದೆ. ಆಸಕ್ತ ಶಿಬಿರಾರ್ಥಿಗಳು ನಿಗದಿತ ಶುಲ್ಕವನ್ನು ಭರಿಸಿ ಹೆಸರು ನೋಂದಾಯಿಸಿಕೊಳ್ಳಬಹುದು. ತರಬೇತಿ ಶುಲ್ಕ ಮಾಸಿಕ ರೂ.400 ಆಗಿರುತ್ತದೆ. 10 ದಿನಗಳ ತರಬೇತಿಗೆ ರೂ.20 ರಷ್ಟು ರಿಯಾಯಿತಿ ಇರುತ್ತದೆ. ತರಬೇತಿಯು ಪ್ರತಿ ದಿನ ಸಂಜೆ 5.30 ರಿಂದ 6.30 ಗಂಟೆಯವರೆಗೆ ಜರುಗುತ್ತದೆ. ಚೆಸ್ ತರಬೇತಿ ಶಿಬಿರದಲ್ಲಿ ಭಾಗವಹಿಸಲು ಆಸಕ್ತಿಯುಳ್ಳ ಕ್ರೀಡಾಪಟುಗಳು ಮುಂಚಿತವಾಗಿ ನೋಂದಣಿ ಮಾಡಿಸುವುದು ಕಡ್ಡಾಯವಾಗಿರುತ್ತದೆ. ಹೆಚ್ಚಿನ ಮಾಹಿತಿಗಾಗಿ ದೂರವಾಣಿ ಸಂಖ್ಯೆ: 7975130354, 6360384374 ಅಥವಾ ಜಿಲ್ಲಾ ಕ್ರೀಡಾಂಗಣ, ಕೊಪ್ಪಳದಲ್ಲಿ ತರಬೇತಿ ಶಿಬಿರದ ಸಂಯೋಜಕರನ್ನು ಸಂಪರ್ಕಿಸಬಹುದು ಎಂದು ಇಲಾಖೆಯ ಸಹಾಯಕ ನಿರ್ದೇಶಕರು ಪ್ರಕಟಣೆಯಲ್ಲಿ ತಿಳಿಸಿದ್ದಾರೆ.
